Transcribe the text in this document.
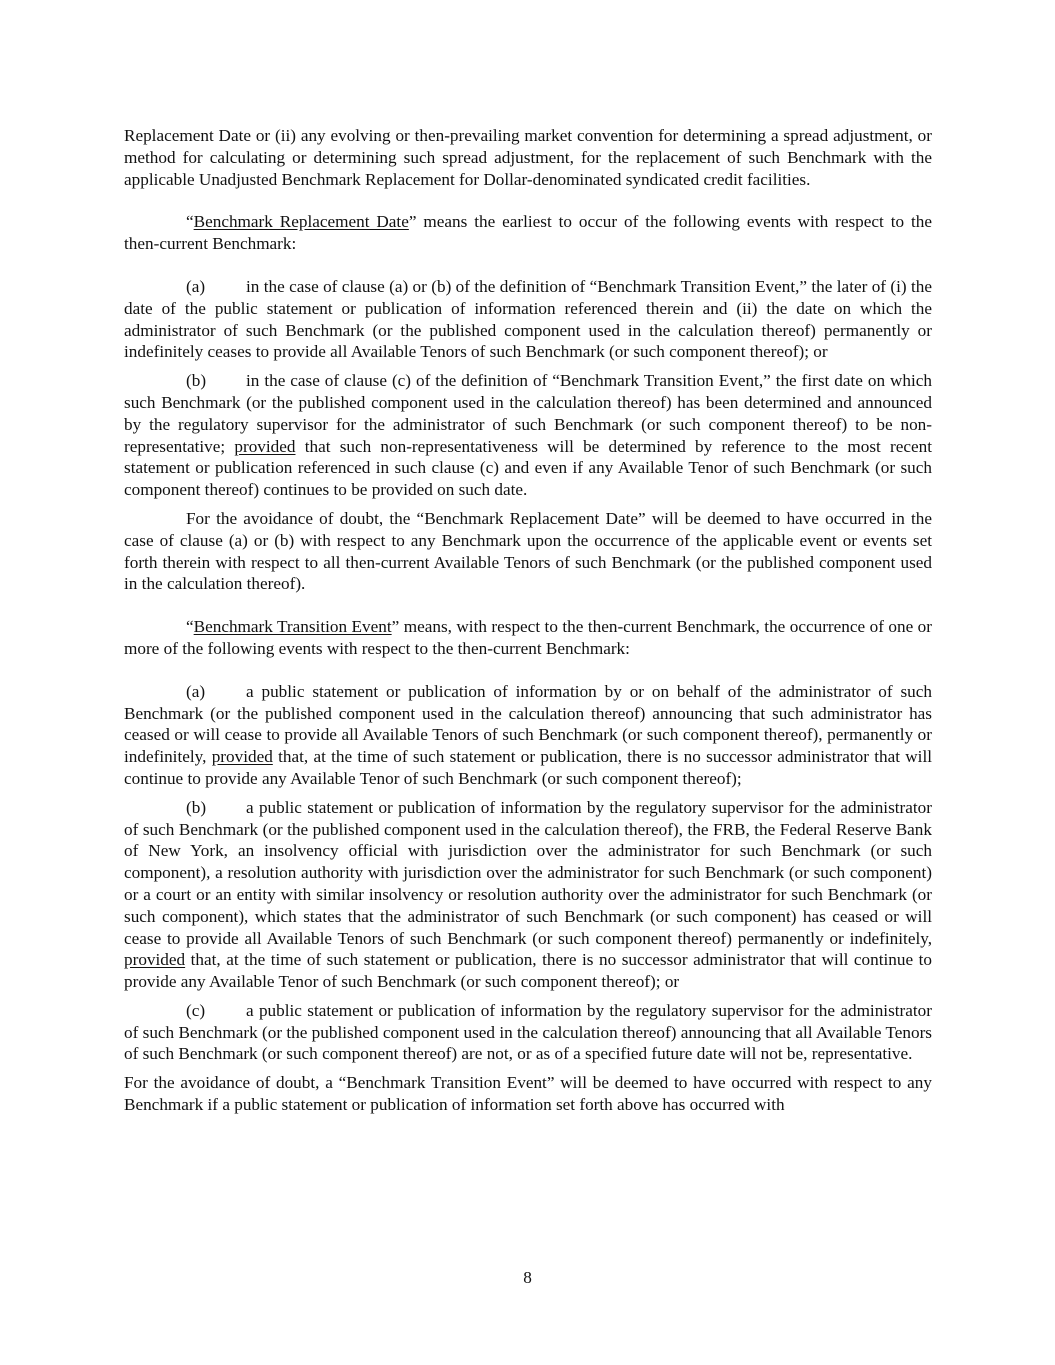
Replacement Date or (ii) any evolving or then-prevailing market convention for determining a spread adjustment, or method for calculating or determining such spread adjustment, for the replacement of such Benchmark with the applicable Unadjusted Benchmark Replacement for Dollar-denominated syndicated credit facilities.

“Benchmark Replacement Date” means the earliest to occur of the following events with respect to the then-current Benchmark:

(a) in the case of clause (a) or (b) of the definition of “Benchmark Transition Event,” the later of (i) the date of the public statement or publication of information referenced therein and (ii) the date on which the administrator of such Benchmark (or the published component used in the calculation thereof) permanently or indefinitely ceases to provide all Available Tenors of such Benchmark (or such component thereof); or

(b) in the case of clause (c) of the definition of “Benchmark Transition Event,” the first date on which such Benchmark (or the published component used in the calculation thereof) has been determined and announced by the regulatory supervisor for the administrator of such Benchmark (or such component thereof) to be non-representative; provided that such non-representativeness will be determined by reference to the most recent statement or publication referenced in such clause (c) and even if any Available Tenor of such Benchmark (or such component thereof) continues to be provided on such date.

For the avoidance of doubt, the “Benchmark Replacement Date” will be deemed to have occurred in the case of clause (a) or (b) with respect to any Benchmark upon the occurrence of the applicable event or events set forth therein with respect to all then-current Available Tenors of such Benchmark (or the published component used in the calculation thereof).

“Benchmark Transition Event” means, with respect to the then-current Benchmark, the occurrence of one or more of the following events with respect to the then-current Benchmark:

(a) a public statement or publication of information by or on behalf of the administrator of such Benchmark (or the published component used in the calculation thereof) announcing that such administrator has ceased or will cease to provide all Available Tenors of such Benchmark (or such component thereof), permanently or indefinitely, provided that, at the time of such statement or publication, there is no successor administrator that will continue to provide any Available Tenor of such Benchmark (or such component thereof);

(b) a public statement or publication of information by the regulatory supervisor for the administrator of such Benchmark (or the published component used in the calculation thereof), the FRB, the Federal Reserve Bank of New York, an insolvency official with jurisdiction over the administrator for such Benchmark (or such component), a resolution authority with jurisdiction over the administrator for such Benchmark (or such component) or a court or an entity with similar insolvency or resolution authority over the administrator for such Benchmark (or such component), which states that the administrator of such Benchmark (or such component) has ceased or will cease to provide all Available Tenors of such Benchmark (or such component thereof) permanently or indefinitely, provided that, at the time of such statement or publication, there is no successor administrator that will continue to provide any Available Tenor of such Benchmark (or such component thereof); or

(c) a public statement or publication of information by the regulatory supervisor for the administrator of such Benchmark (or the published component used in the calculation thereof) announcing that all Available Tenors of such Benchmark (or such component thereof) are not, or as of a specified future date will not be, representative.

For the avoidance of doubt, a “Benchmark Transition Event” will be deemed to have occurred with respect to any Benchmark if a public statement or publication of information set forth above has occurred with

8
